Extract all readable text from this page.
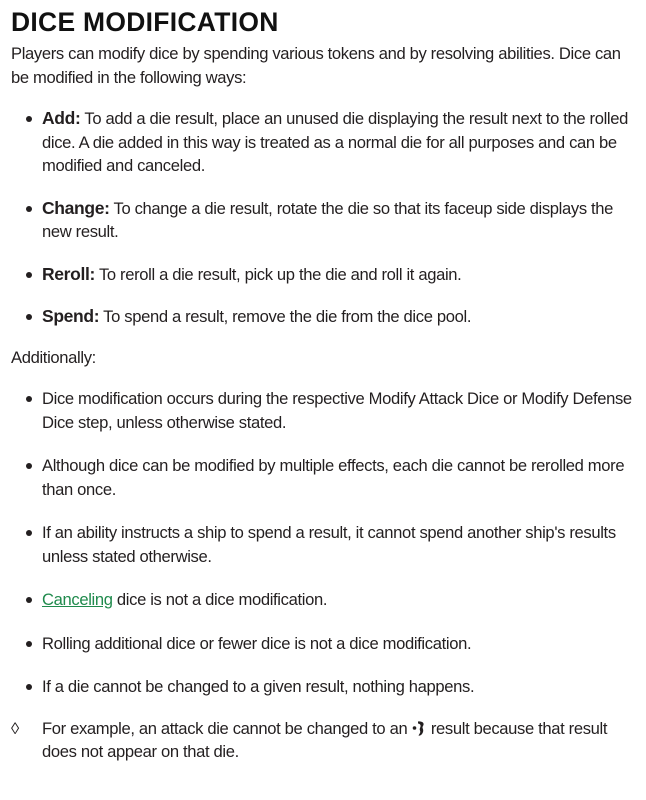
DICE MODIFICATION

Players can modify dice by spending various tokens and by resolving abilities. Dice can be modified in the following ways:

Add: To add a die result, place an unused die displaying the result next to the rolled dice. A die added in this way is treated as a normal die for all purposes and can be modified and canceled.
Change: To change a die result, rotate the die so that its faceup side displays the new result.
Reroll: To reroll a die result, pick up the die and roll it again.
Spend: To spend a result, remove the die from the dice pool.
Additionally:
Dice modification occurs during the respective Modify Attack Dice or Modify Defense Dice step, unless otherwise stated.
Although dice can be modified by multiple effects, each die cannot be rerolled more than once.
If an ability instructs a ship to spend a result, it cannot spend another ship's results unless stated otherwise.
Canceling dice is not a dice modification.
Rolling additional dice or fewer dice is not a dice modification.
If a die cannot be changed to a given result, nothing happens.
◊ For example, an attack die cannot be changed to an  result because that result does not appear on that die.
